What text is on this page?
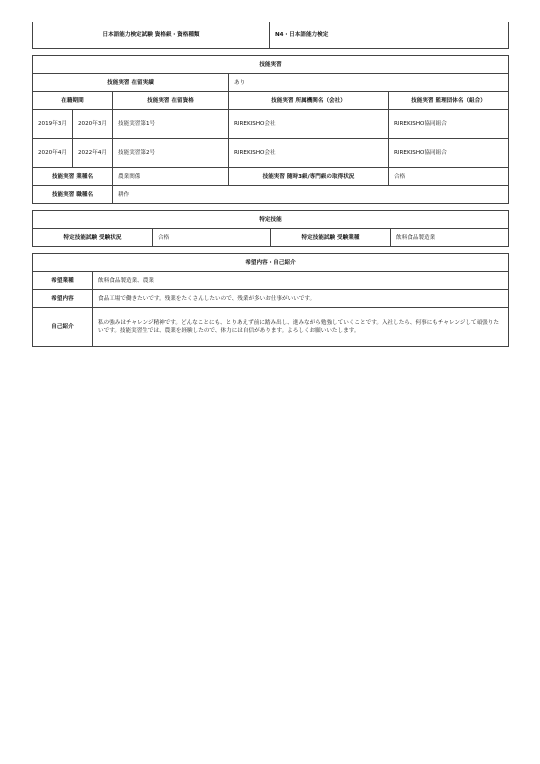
日本語能力検定試験 資格級・資格種類	N4・日本語能力検定
技能実習				
技能実習 在留実績			あり	
在籍期間		技能実習 在留資格	技能実習 所属機関名（会社）	技能実習 監理団体名（組合）
2019年3月	2020年3月	技能実習第1号	RIREKISHO会社	RIREKISHO協同組合
2020年4月	2022年4月	技能実習第2号	RIREKISHO会社	RIREKISHO協同組合
技能実習 業種名		農業関係	技能実習 随時3級/専門級の取得状況	合格
技能実習 職種名		耕作		
特定技能
特定技能試験 受験状況	合格	特定技能試験 受験業種	飲料食品製造業
希望内容・自己紹介	
希望業種	飲料食品製造業、農業
希望内容	食品工場で働きたいです。残業をたくさんしたいので、残業が多いお仕事がいいです。
自己紹介	私の強みはチャレンジ精神です。どんなことにも、とりあえず前に踏み出し、進みながら勉強していくことです。入社したら、何事にもチャレンジして頑張りたいです。技能実習生では、農業を経験したので、体力には自信があります。よろしくお願いいたします。
